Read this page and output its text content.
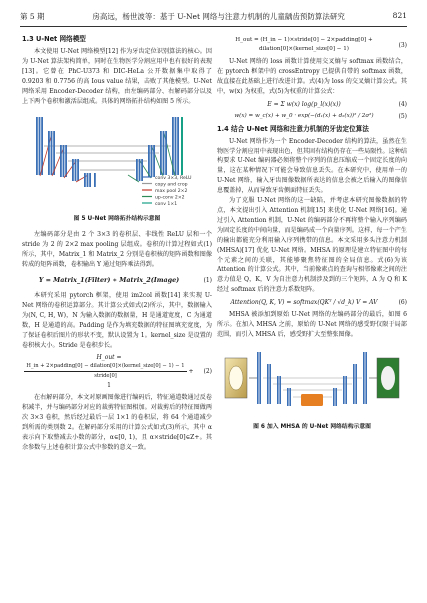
第 5 期	房高远，杨世波等：基于 U-Net 网络与注意力机制的儿童龋齿预防算法研究	821
1.3 U-Net 网络模型

本文使用 U-Net 网络模型[12] 作为牙齿定位识别算法的核心。因为 U-Net 算法架构简单，同时在生物医学分割应用中也有很好的表现[13]。它曾在 PhC-U373 和 DIC-HeLa 公开数据集中取得了 0.9203 和 0.7756 的高 Ious value 结果，击败了其他模型。U-Net 网络采用 Encoder-Decoder 结构，由左编码部分、右解码部分以及上下两个卷积和激活层组成。具体的网络拓扑结构如图 5 所示。

conv 3×3, ReLU
copy and crop
max pool 2×2
up-conv 2×2
conv 1×1
图 5 U-Net 网络拓扑结构示意图

左编码部分是由 2 个 3×3 的卷积层、非线性 ReLU 层和一个 stride 为 2 的 2×2 max pooling 层组成。卷积的计算过程如式(1)所示，其中，Matrix_1 和 Matrix_2 分别是卷积核的矩阵函数和图像转成的矩阵函数，卷积输出 Y 通过矩阵乘法得到。

Y = Matrix_1(Filter) ∗ Matrix_2(Image)	(1)

本研究采用 pytorch 框架，使用 im2col 函数[14] 来实现 U-Net 网络的卷积运算部分。其计算公式如式(2)所示，其中，数据输入为(N, C, H, W)，N 为输入数据的数据量，H 是通道宽度，C 为通道数，H 是通道的高。Padding 是作为填充数据的特征图填充宽度，为了保证卷积后图片的形状不变，默认设置为 1。kernel_size 是设置的卷积核大小。Stride 是卷积步长。

H_out =
$\frac{\text{H\_in + 2×padding[0] − dilation[0]×(kernel\_size[0] − 1) − 1}}{\text{stride[0]}} + 1$
(2)

在右解码部分，本文对原画图像进行编码后，特征通道数通过反卷积减半，并与编码部分对应的裁剪特征图相加。对裁剪后的特征图做两次 3×3 卷积，然后经过最后一层 1×1 的卷积层，将 64 个通道减少到所需的类别数 2。在解码部分采用的计算公式如式(3)所示，其中 α 表示向下取整减去小数的部分，α∈[0, 1)，且 α×stride[0]∈Z+。其余参数与上述卷积计算公式中参数的意义一致。

H_out = (H_in − 1)×stride[0] − 2×padding[0] + dilation[0]×(kernel_size[0] − 1)
(3)

U-Net 网络的 loss 函数计算使用交叉熵与 softmax 函数结合，在 pytorch 框架中的 crossEntropy 已提供自带的 softmax 函数，故直接在此基础上进行改进计算。式(4)为 loss 的交叉熵计算公式。其中，w(x) 为权重，式(5)为权重的计算公式：

E = Σ w(x) log(p_l(x)(x))	(4)
w(x) = w_c(x) + w_0 · exp(−(d₁(x) + d₂(x))² / 2σ²)	(5)
1.4 结合 U-Net 网络和注意力机制的牙齿定位算法

U-Net 网络作为一个 Encoder-Decoder 结构的算法，虽然在生物医学分割应用中表现出色，但其固有结构仍存在一些局限性。这种结构要求 U-Net 编码器必须将整个序列的信息压缩成一个固定长度的向量，这在某种情况下可能会导致信息丢失。在本研究中，使用单一的 U-Net 网络，输入牙齿图像数据所表达的信息会被之后输入的图像信息覆盖掉，从而导致牙齿侧面特征丢失。

为了克服 U-Net 网络的这一缺陷，并考虑本研究图像数据的特点，本文提出引入 Attention 机制[15] 来优化 U-Net 网络[16]。通过引入 Attention 机制，U-Net 的编码部分不再将整个输入序列编码为固定长度的中间向量，而是编码成一个向量序列。这样，每一个产生的输出都能充分利用输入序列携带的信息。本文采用多头注意力机制(MHSA)[17] 优化 U-Net 网络。MHSA 的原理是建立特征图中的每个元素之间的关联，其能够聚焦特征图的全局信息。式(6)为该 Attention 的计算公式。其中，当前像素点的查询与相邻像素之间的注意力值是 Q，K，V 为自注意力机制涉及到的三个矩阵，A 为 Q 和 K 经过 softmax 后的注意力系数矩阵。

Attention(Q, K, V) = softmax(QKᵀ / √d_k) V = AV	(6)

MHSA 被添加到原始 U-Net 网络的左编码部分的最后，如图 6 所示。在加入 MHSA 之前，原始的 U-Net 网络的感受野仅限于局部范围，而引入 MHSA 后，感受野扩大至整张图像。

图 6 加入 MHSA 的 U-Net 网络结构示意图
